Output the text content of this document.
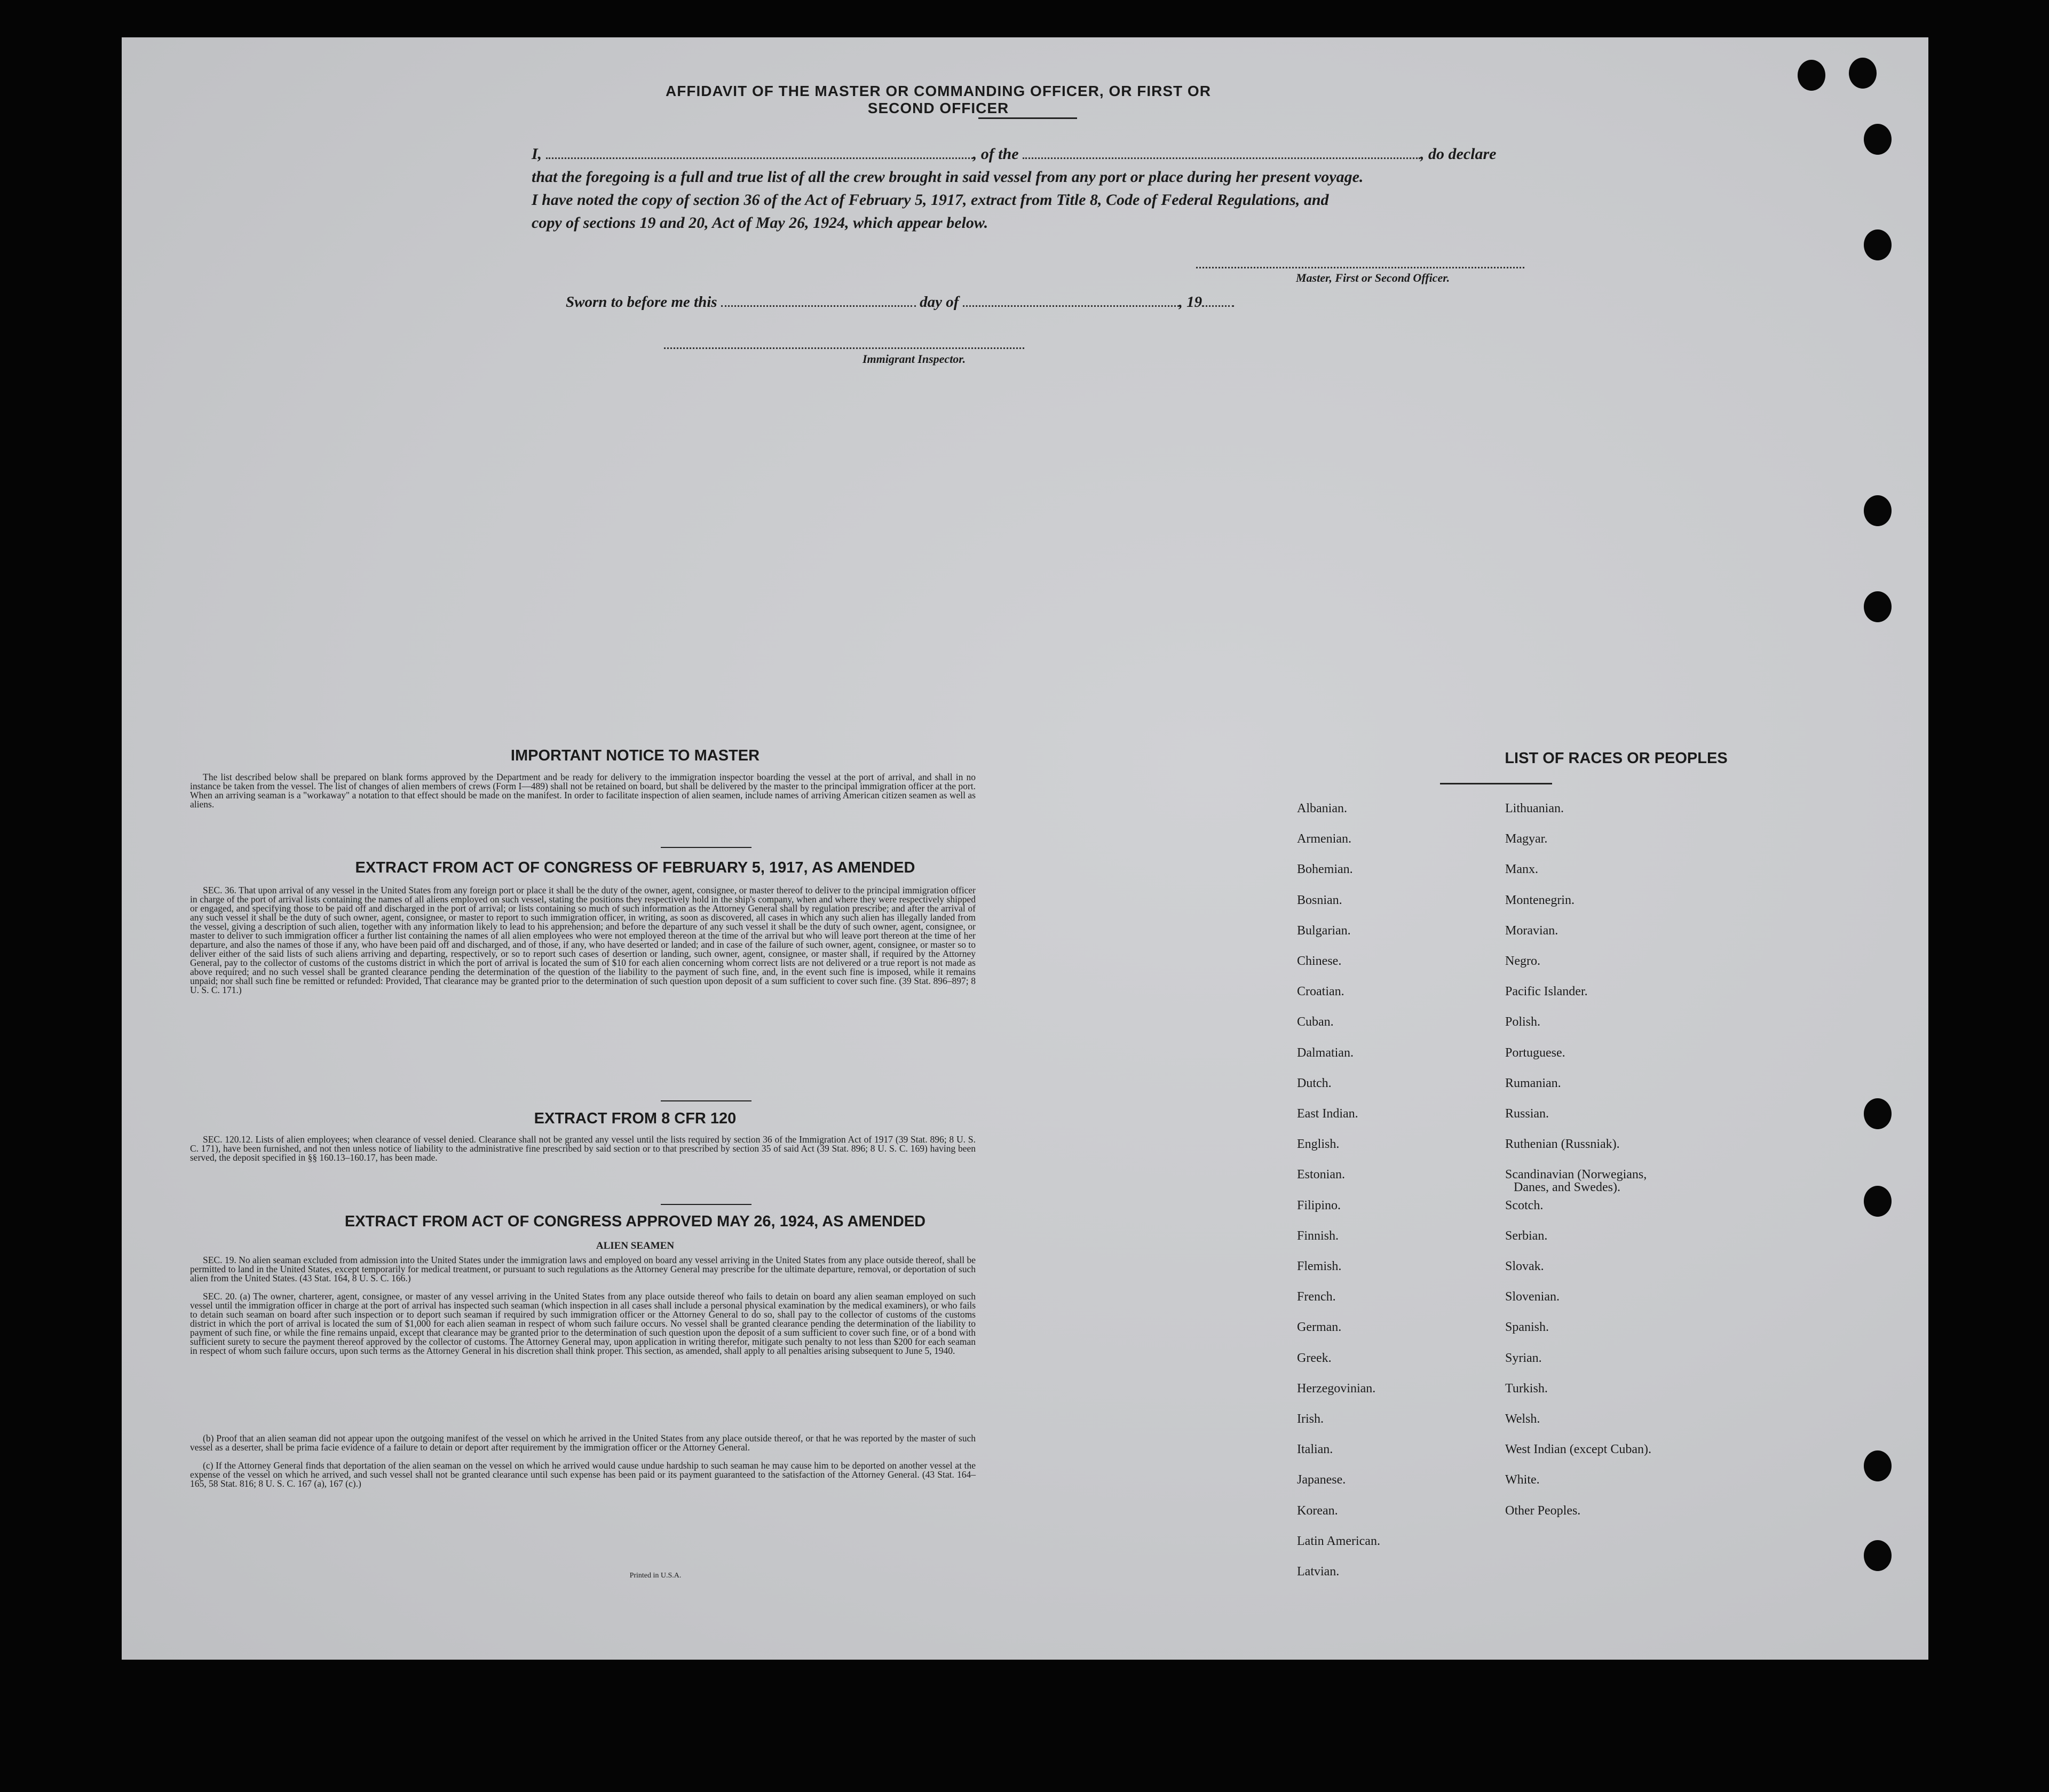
AFFIDAVIT OF THE MASTER OR COMMANDING OFFICER, OR FIRST OR SECOND OFFICER
I,	, of the	, do declare
that the foregoing is a full and true list of all the crew brought in said vessel from any port or place during her present voyage.
I have noted the copy of section 36 of the Act of February 5, 1917, extract from Title 8, Code of Federal Regulations, and
copy of sections 19 and 20, Act of May 26, 1924, which appear below.
Master, First or Second Officer.
Sworn to before me this	day of	, 19
Immigrant Inspector.
IMPORTANT NOTICE TO MASTER
The list described below shall be prepared on blank forms approved by the Department and be ready for delivery to the immigration inspector boarding the vessel at the port of arrival, and shall in no instance be taken from the vessel. The list of changes of alien members of crews (Form I—489) shall not be retained on board, but shall be delivered by the master to the principal immigration officer at the port. When an arriving seaman is a "workaway" a notation to that effect should be made on the manifest. In order to facilitate inspection of alien seamen, include names of arriving American citizen seamen as well as aliens.
EXTRACT FROM ACT OF CONGRESS OF FEBRUARY 5, 1917, AS AMENDED
SEC. 36. That upon arrival of any vessel in the United States from any foreign port or place it shall be the duty of the owner, agent, consignee, or master thereof to deliver to the principal immigration officer in charge of the port of arrival lists containing the names of all aliens employed on such vessel, stating the positions they respectively hold in the ship's company, when and where they were respectively shipped or engaged, and specifying those to be paid off and discharged in the port of arrival; or lists containing so much of such information as the Attorney General shall by regulation prescribe; and after the arrival of any such vessel it shall be the duty of such owner, agent, consignee, or master to report to such immigration officer, in writing, as soon as discovered, all cases in which any such alien has illegally landed from the vessel, giving a description of such alien, together with any information likely to lead to his apprehension; and before the departure of any such vessel it shall be the duty of such owner, agent, consignee, or master to deliver to such immigration officer a further list containing the names of all alien employees who were not employed thereon at the time of the arrival but who will leave port thereon at the time of her departure, and also the names of those if any, who have been paid off and discharged, and of those, if any, who have deserted or landed; and in case of the failure of such owner, agent, consignee, or master so to deliver either of the said lists of such aliens arriving and departing, respectively, or so to report such cases of desertion or landing, such owner, agent, consignee, or master shall, if required by the Attorney General, pay to the collector of customs of the customs district in which the port of arrival is located the sum of $10 for each alien concerning whom correct lists are not delivered or a true report is not made as above required; and no such vessel shall be granted clearance pending the determination of the question of the liability to the payment of such fine, and, in the event such fine is imposed, while it remains unpaid; nor shall such fine be remitted or refunded: Provided, That clearance may be granted prior to the determination of such question upon deposit of a sum sufficient to cover such fine. (39 Stat. 896–897; 8 U. S. C. 171.)
EXTRACT FROM 8 CFR 120
SEC. 120.12. Lists of alien employees; when clearance of vessel denied. Clearance shall not be granted any vessel until the lists required by section 36 of the Immigration Act of 1917 (39 Stat. 896; 8 U. S. C. 171), have been furnished, and not then unless notice of liability to the administrative fine prescribed by said section or to that prescribed by section 35 of said Act (39 Stat. 896; 8 U. S. C. 169) having been served, the deposit specified in §§ 160.13–160.17, has been made.
EXTRACT FROM ACT OF CONGRESS APPROVED MAY 26, 1924, AS AMENDED
ALIEN SEAMEN
SEC. 19. No alien seaman excluded from admission into the United States under the immigration laws and employed on board any vessel arriving in the United States from any place outside thereof, shall be permitted to land in the United States, except temporarily for medical treatment, or pursuant to such regulations as the Attorney General may prescribe for the ultimate departure, removal, or deportation of such alien from the United States. (43 Stat. 164, 8 U. S. C. 166.)
SEC. 20. (a) The owner, charterer, agent, consignee, or master of any vessel arriving in the United States from any place outside thereof who fails to detain on board any alien seaman employed on such vessel until the immigration officer in charge at the port of arrival has inspected such seaman (which inspection in all cases shall include a personal physical examination by the medical examiners), or who fails to detain such seaman on board after such inspection or to deport such seaman if required by such immigration officer or the Attorney General to do so, shall pay to the collector of customs of the customs district in which the port of arrival is located the sum of $1,000 for each alien seaman in respect of whom such failure occurs. No vessel shall be granted clearance pending the determination of the liability to payment of such fine, or while the fine remains unpaid, except that clearance may be granted prior to the determination of such question upon the deposit of a sum sufficient to cover such fine, or of a bond with sufficient surety to secure the payment thereof approved by the collector of customs. The Attorney General may, upon application in writing therefor, mitigate such penalty to not less than $200 for each seaman in respect of whom such failure occurs, upon such terms as the Attorney General in his discretion shall think proper. This section, as amended, shall apply to all penalties arising subsequent to June 5, 1940.
(b) Proof that an alien seaman did not appear upon the outgoing manifest of the vessel on which he arrived in the United States from any place outside thereof, or that he was reported by the master of such vessel as a deserter, shall be prima facie evidence of a failure to detain or deport after requirement by the immigration officer or the Attorney General.
(c) If the Attorney General finds that deportation of the alien seaman on the vessel on which he arrived would cause undue hardship to such seaman he may cause him to be deported on another vessel at the expense of the vessel on which he arrived, and such vessel shall not be granted clearance until such expense has been paid or its payment guaranteed to the satisfaction of the Attorney General. (43 Stat. 164–165, 58 Stat. 816; 8 U. S. C. 167 (a), 167 (c).)
Printed in U.S.A.
LIST OF RACES OR PEOPLES
Albanian.
Armenian.
Bohemian.
Bosnian.
Bulgarian.
Chinese.
Croatian.
Cuban.
Dalmatian.
Dutch.
East Indian.
English.
Estonian.
Filipino.
Finnish.
Flemish.
French.
German.
Greek.
Herzegovinian.
Irish.
Italian.
Japanese.
Korean.
Latin American.
Latvian.
Lithuanian.
Magyar.
Manx.
Montenegrin.
Moravian.
Negro.
Pacific Islander.
Polish.
Portuguese.
Rumanian.
Russian.
Ruthenian (Russniak).
Scandinavian (Norwegians,
Danes, and Swedes).
Scotch.
Serbian.
Slovak.
Slovenian.
Spanish.
Syrian.
Turkish.
Welsh.
West Indian (except Cuban).
White.
Other Peoples.
